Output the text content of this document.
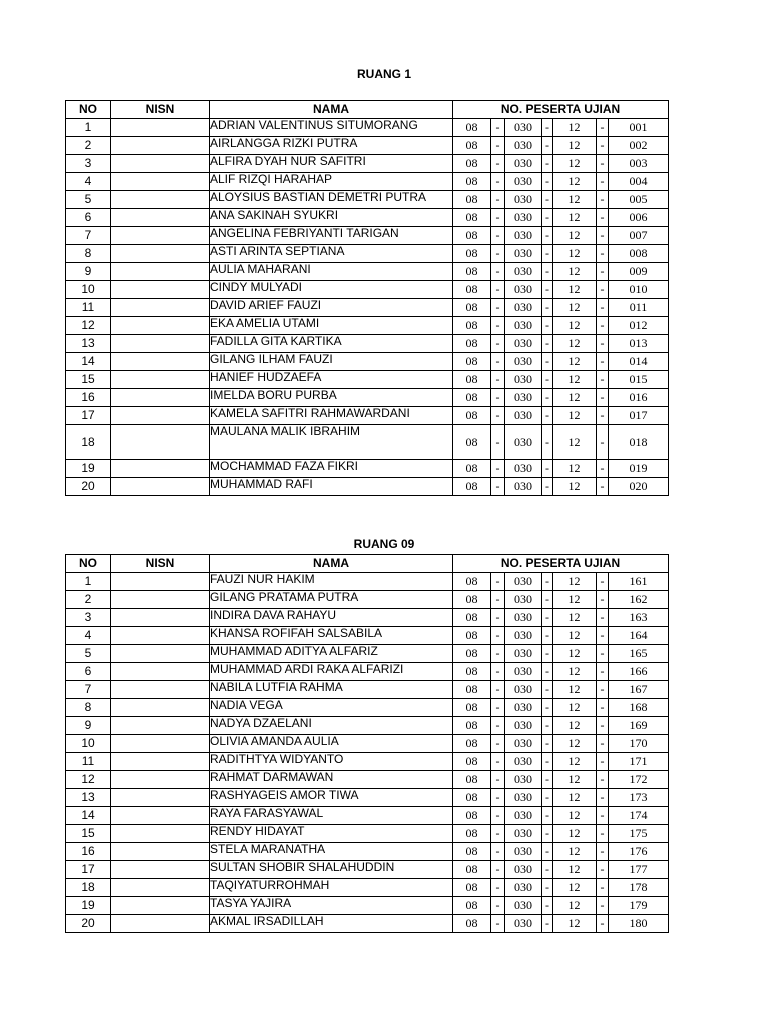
RUANG 1
NO	NISN	NAMA	NO. PESERTA UJIAN						
1		ADRIAN VALENTINUS SITUMORANG	08	-	030	-	12	-	001
2		AIRLANGGA RIZKI PUTRA	08	-	030	-	12	-	002
3		ALFIRA DYAH NUR SAFITRI	08	-	030	-	12	-	003
4		ALIF RIZQI HARAHAP	08	-	030	-	12	-	004
5		ALOYSIUS BASTIAN DEMETRI PUTRA	08	-	030	-	12	-	005
6		ANA SAKINAH SYUKRI	08	-	030	-	12	-	006
7		ANGELINA FEBRIYANTI TARIGAN	08	-	030	-	12	-	007
8		ASTI ARINTA SEPTIANA	08	-	030	-	12	-	008
9		AULIA MAHARANI	08	-	030	-	12	-	009
10		CINDY MULYADI	08	-	030	-	12	-	010
11		DAVID ARIEF FAUZI	08	-	030	-	12	-	011
12		EKA AMELIA UTAMI	08	-	030	-	12	-	012
13		FADILLA GITA KARTIKA	08	-	030	-	12	-	013
14		GILANG ILHAM FAUZI	08	-	030	-	12	-	014
15		HANIEF HUDZAEFA	08	-	030	-	12	-	015
16		IMELDA BORU PURBA	08	-	030	-	12	-	016
17		KAMELA SAFITRI RAHMAWARDANI	08	-	030	-	12	-	017
18		MAULANA MALIK IBRAHIM	08	-	030	-	12	-	018
19		MOCHAMMAD FAZA FIKRI	08	-	030	-	12	-	019
20		MUHAMMAD RAFI	08	-	030	-	12	-	020
RUANG 09
NO	NISN	NAMA	NO. PESERTA UJIAN						
1		FAUZI NUR HAKIM	08	-	030	-	12	-	161
2		GILANG PRATAMA PUTRA	08	-	030	-	12	-	162
3		INDIRA DAVA RAHAYU	08	-	030	-	12	-	163
4		KHANSA ROFIFAH SALSABILA	08	-	030	-	12	-	164
5		MUHAMMAD ADITYA ALFARIZ	08	-	030	-	12	-	165
6		MUHAMMAD ARDI RAKA ALFARIZI	08	-	030	-	12	-	166
7		NABILA LUTFIA RAHMA	08	-	030	-	12	-	167
8		NADIA VEGA	08	-	030	-	12	-	168
9		NADYA DZAELANI	08	-	030	-	12	-	169
10		OLIVIA AMANDA AULIA	08	-	030	-	12	-	170
11		RADITHTYA WIDYANTO	08	-	030	-	12	-	171
12		RAHMAT DARMAWAN	08	-	030	-	12	-	172
13		RASHYAGEIS AMOR TIWA	08	-	030	-	12	-	173
14		RAYA FARASYAWAL	08	-	030	-	12	-	174
15		RENDY HIDAYAT	08	-	030	-	12	-	175
16		STELA MARANATHA	08	-	030	-	12	-	176
17		SULTAN SHOBIR SHALAHUDDIN	08	-	030	-	12	-	177
18		TAQIYATURROHMAH	08	-	030	-	12	-	178
19		TASYA YAJIRA	08	-	030	-	12	-	179
20		AKMAL IRSADILLAH	08	-	030	-	12	-	180
